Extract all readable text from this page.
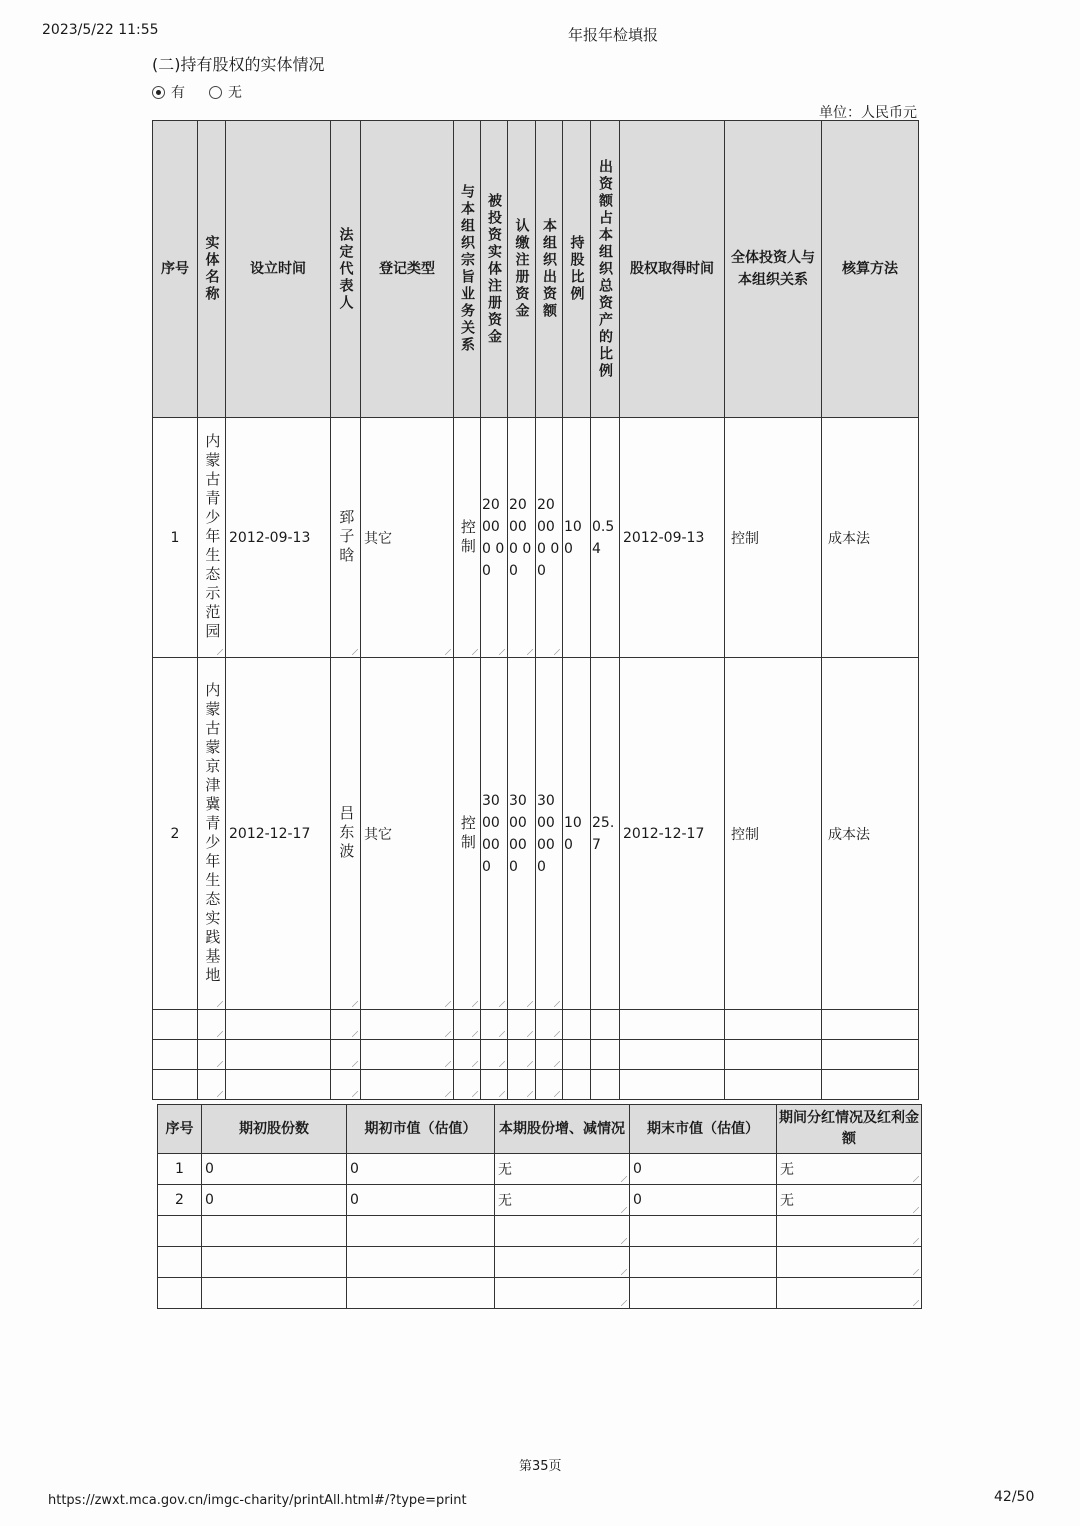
2023/5/22 11:55	年报年检填报
(二)持有股权的实体情况
有	无
单位：人民币元
序号	实体名称	设立时间	法定代表人	登记类型	与本组织宗旨业务关系	被投资实体注册资金	认缴注册资金	本组织出资额	持股比例	出资额占本组织总资产的比例	股权取得时间	全体投资人与本组织关系	核算方法
1	内蒙古青少年生态示范园	2012-09-13	郅子晗	其它	控制	20000 00	20000 00	20000 00	100	0.54	2012-09-13	控制	成本法
2	内蒙古蒙京津冀青少年生态实践基地	2012-12-17	吕东波	其它	控制	300000 0	300000 0	300000 0	100	25.7	2012-12-17	控制	成本法

序号	期初股份数	期初市值（估值）	本期股份增、减情况	期末市值（估值）	期间分红情况及红利金额
1	0	0	无	0	无
2	0	0	无	0	无

第35页
https://zwxt.mca.gov.cn/imgc-charity/printAll.html#/?type=print	42/50
